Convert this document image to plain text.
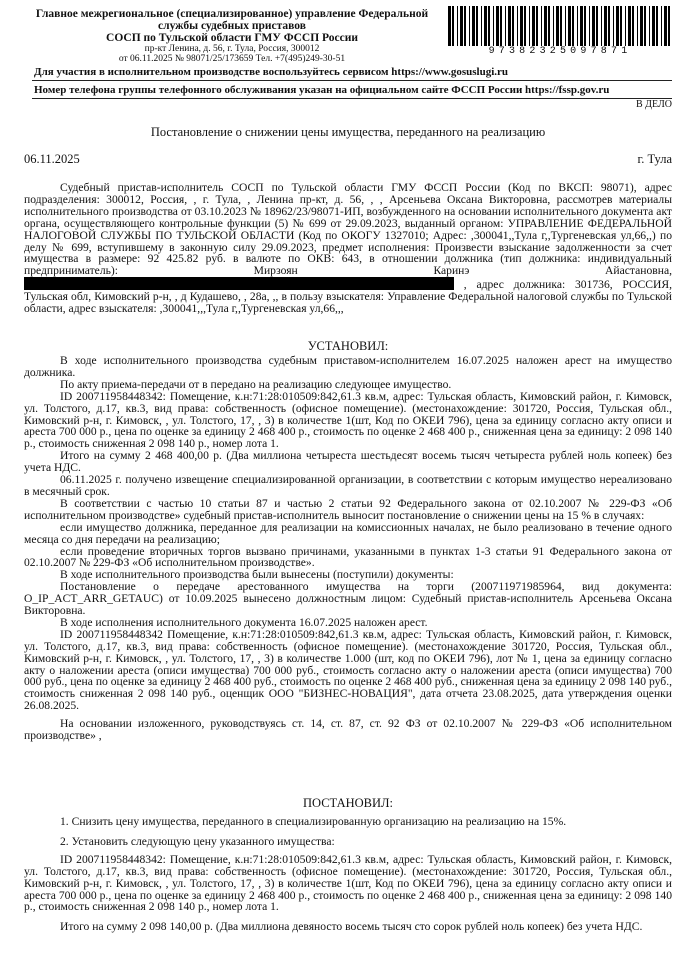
Главное межрегиональное (специализированное) управление Федеральной
службы судебных приставов
СОСП по Тульской области ГМУ ФССП России
пр-кт Ленина, д. 56, г. Тула, Россия, 300012
от 06.11.2025 № 98071/25/173659 Тел. +7(495)249-30-51
97382325097871
Для участия в исполнительном производстве воспользуйтесь сервисом https://www.gosuslugi.ru
Номер телефона группы телефонного обслуживания указан на официальном сайте ФССП России https://fssp.gov.ru
В ДЕЛО
Постановление о снижении цены имущества, переданного на реализацию
06.11.2025	г. Тула

Судебный пристав-исполнитель СОСП по Тульской области ГМУ ФССП России (Код по ВКСП: 98071), адрес подразделения: 300012, Россия, , г. Тула, , Ленина пр-кт, д. 56, , , Арсеньева Оксана Викторовна, рассмотрев материалы исполнительного производства от 03.10.2023 № 18962/23/98071-ИП, возбужденного на основании исполнительного документа акт органа, осуществляющего контрольные функции (5) № 699 от 29.09.2023, выданный органом: УПРАВЛЕНИЕ ФЕДЕРАЛЬНОЙ НАЛОГОВОЙ СЛУЖБЫ ПО ТУЛЬСКОЙ ОБЛАСТИ (Код по ОКОГУ 1327010; Адрес: ,300041,,Тула г,,Тургеневская ул,66,,) по делу № 699, вступившему в законную силу 29.09.2023, предмет исполнения: Произвести взыскание задолженности за счет имущества в размере: 92 425.82 руб. в валюте по ОКВ: 643, в отношении должника (тип должника: индивидуальный предприниматель): Мирзоян Каринэ Айастановна,  , адрес должника: 301736, РОССИЯ, Тульская обл, Кимовский р-н, , д Кудашево, , 28а, ,, в пользу взыскателя: Управление Федеральной налоговой службы по Тульской области, адрес взыскателя: ,300041,,,Тула г,,Тургеневская ул,66,,,

УСТАНОВИЛ:

В ходе исполнительного производства судебным приставом-исполнителем 16.07.2025 наложен арест на имущество должника.

По акту приема-передачи от в передано на реализацию следующее имущество.

ID 200711958448342: Помещение, к.н:71:28:010509:842,61.3 кв.м, адрес: Тульская область, Кимовский район, г. Кимовск, ул. Толстого, д.17, кв.3, вид права: собственность (офисное помещение). (местонахождение: 301720, Россия, Тульская обл., Кимовский р-н, г. Кимовск, , ул. Толстого, 17, , 3) в количестве 1(шт, Код по ОКЕИ 796), цена за единицу согласно акту описи и ареста 700 000 р., цена по оценке за единицу 2 468 400 р., стоимость по оценке 2 468 400 р., сниженная цена за единицу: 2 098 140 р., стоимость сниженная 2 098 140 р., номер лота 1.

Итого на сумму 2 468 400,00 р. (Два миллиона четыреста шестьдесят восемь тысяч четыреста рублей ноль копеек) без учета НДС.

06.11.2025 г. получено извещение специализированной организации, в соответствии с которым имущество нереализовано в месячный срок.

В соответствии с частью 10 статьи 87 и частью 2 статьи 92 Федерального закона от 02.10.2007 № 229-ФЗ «Об исполнительном производстве» судебный пристав-исполнитель выносит постановление о снижении цены на 15 % в случаях:

если имущество должника, переданное для реализации на комиссионных началах, не было реализовано в течение одного месяца со дня передачи на реализацию;

если проведение вторичных торгов вызвано причинами, указанными в пунктах 1-3 статьи 91 Федерального закона от 02.10.2007 № 229-ФЗ «Об исполнительном производстве».

В ходе исполнительного производства были вынесены (поступили) документы:

Постановление о передаче арестованного имущества на торги (200711971985964, вид документа: O_IP_ACT_ARR_GETAUC) от 10.09.2025 вынесено должностным лицом: Судебный пристав-исполнитель Арсеньева Оксана Викторовна.

В ходе исполнения исполнительного документа 16.07.2025 наложен арест.

ID 200711958448342 Помещение, к.н:71:28:010509:842,61.3 кв.м, адрес: Тульская область, Кимовский район, г. Кимовск, ул. Толстого, д.17, кв.3, вид права: собственность (офисное помещение). (местонахождение 301720, Россия, Тульская обл., Кимовский р-н, г. Кимовск, , ул. Толстого, 17, , 3) в количестве 1.000 (шт, код по ОКЕИ 796), лот № 1, цена за единицу согласно акту о наложении ареста (описи имущества) 700 000 руб., стоимость согласно акту о наложении ареста (описи имущества) 700 000 руб., цена по оценке за единицу 2 468 400 руб., стоимость по оценке 2 468 400 руб., сниженная цена за единицу 2 098 140 руб., стоимость сниженная 2 098 140 руб., оценщик ООО "БИЗНЕС-НОВАЦИЯ", дата отчета 23.08.2025, дата утверждения оценки 26.08.2025.

На основании изложенного, руководствуясь ст. 14, ст. 87, ст. 92 ФЗ от 02.10.2007 № 229-ФЗ «Об исполнительном производстве» ,

ПОСТАНОВИЛ:

1. Снизить цену имущества, переданного в специализированную организацию на реализацию на 15%.

2. Установить следующую цену указанного имущества:

ID 200711958448342: Помещение, к.н:71:28:010509:842,61.3 кв.м, адрес: Тульская область, Кимовский район, г. Кимовск, ул. Толстого, д.17, кв.3, вид права: собственность (офисное помещение). (местонахождение: 301720, Россия, Тульская обл., Кимовский р-н, г. Кимовск, , ул. Толстого, 17, , 3) в количестве 1(шт, Код по ОКЕИ 796), цена за единицу согласно акту описи и ареста 700 000 р., цена по оценке за единицу 2 468 400 р., стоимость по оценке 2 468 400 р., сниженная цена за единицу: 2 098 140 р., стоимость сниженная 2 098 140 р., номер лота 1.

Итого на сумму 2 098 140,00 р. (Два миллиона девяносто восемь тысяч сто сорок рублей ноль копеек) без учета НДС.
